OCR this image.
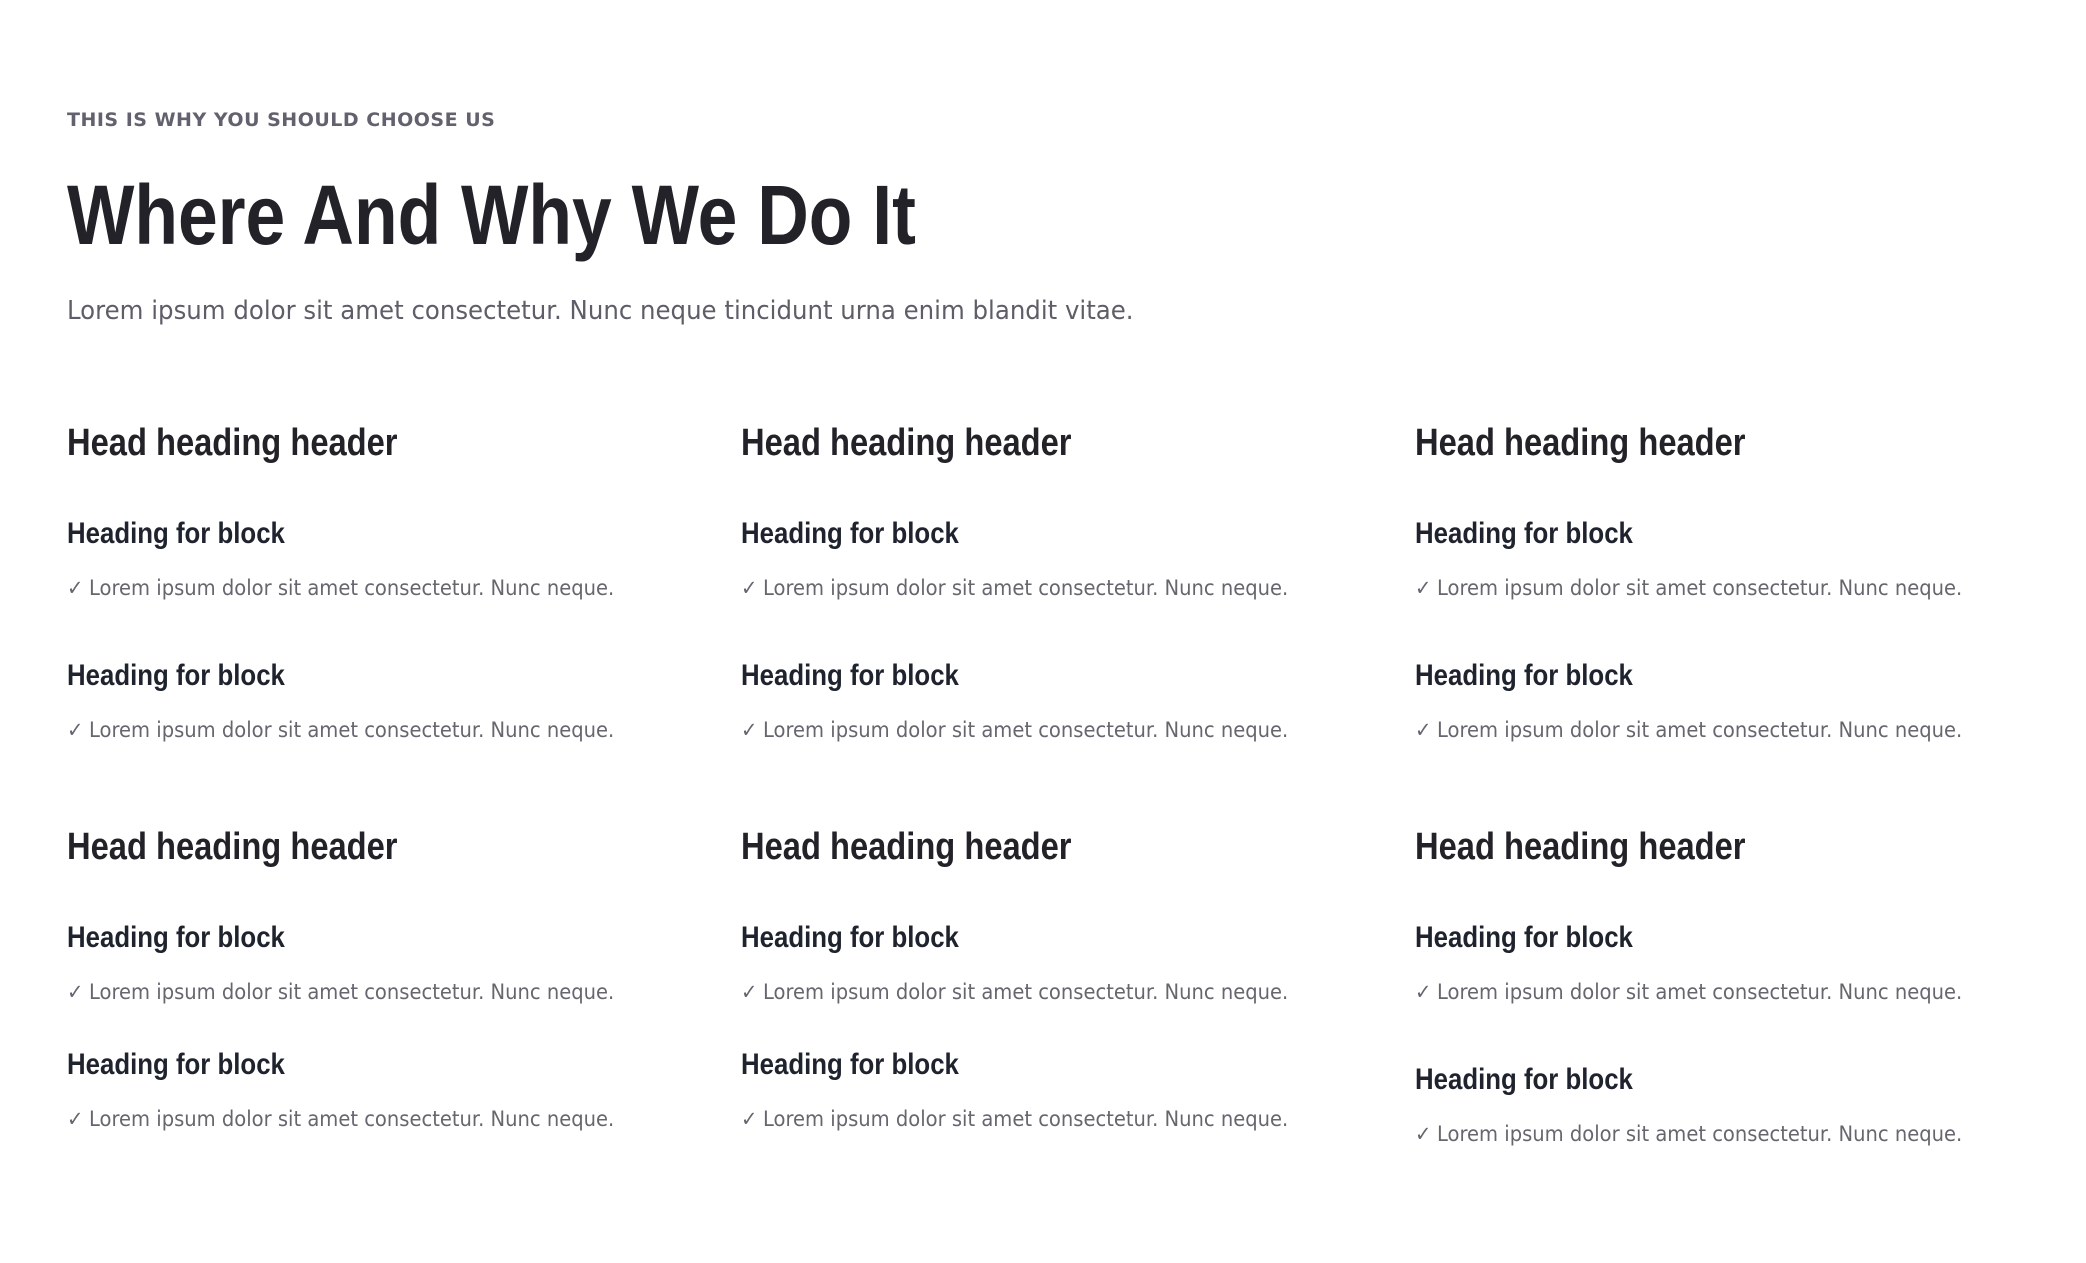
THIS IS WHY YOU SHOULD CHOOSE US
Where And Why We Do It
Lorem ipsum dolor sit amet consectetur. Nunc neque tincidunt urna enim blandit vitae.
Head heading header
Heading for block
✓ Lorem ipsum dolor sit amet consectetur. Nunc neque.
Heading for block
✓ Lorem ipsum dolor sit amet consectetur. Nunc neque.
Head heading header
Heading for block
✓ Lorem ipsum dolor sit amet consectetur. Nunc neque.
Heading for block
✓ Lorem ipsum dolor sit amet consectetur. Nunc neque.
Head heading header
Heading for block
✓ Lorem ipsum dolor sit amet consectetur. Nunc neque.
Heading for block
✓ Lorem ipsum dolor sit amet consectetur. Nunc neque.
Head heading header
Heading for block
✓ Lorem ipsum dolor sit amet consectetur. Nunc neque.
Heading for block
✓ Lorem ipsum dolor sit amet consectetur. Nunc neque.
Head heading header
Heading for block
✓ Lorem ipsum dolor sit amet consectetur. Nunc neque.
Heading for block
✓ Lorem ipsum dolor sit amet consectetur. Nunc neque.
Head heading header
Heading for block
✓ Lorem ipsum dolor sit amet consectetur. Nunc neque.
Heading for block
✓ Lorem ipsum dolor sit amet consectetur. Nunc neque.
